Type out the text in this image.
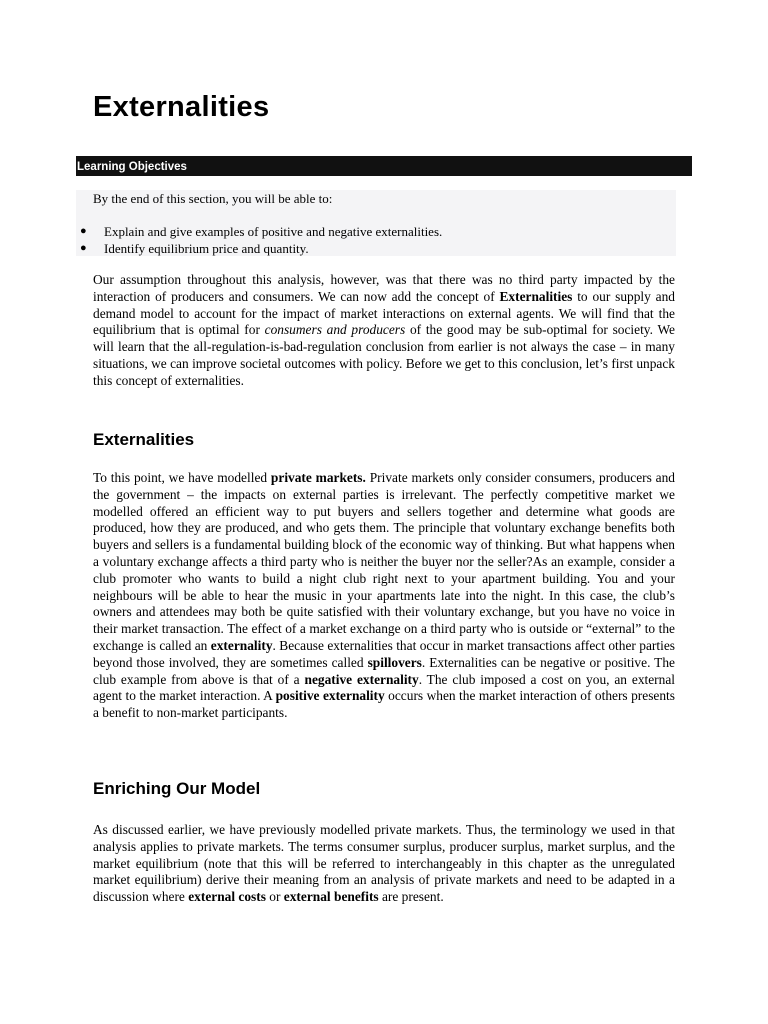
Externalities
Learning Objectives
By the end of this section, you will be able to:
● Explain and give examples of positive and negative externalities.
● Identify equilibrium price and quantity.

Our assumption throughout this analysis, however, was that there was no third party impacted by the interaction of producers and consumers. We can now add the concept of Externalities to our supply and demand model to account for the impact of market interactions on external agents. We will find that the equilibrium that is optimal for consumers and producers of the good may be sub-optimal for society. We will learn that the all-regulation-is-bad-regulation conclusion from earlier is not always the case – in many situations, we can improve societal outcomes with policy. Before we get to this conclusion, let’s first unpack this concept of externalities.

Externalities

To this point, we have modelled private markets. Private markets only consider consumers, producers and the government – the impacts on external parties is irrelevant. The perfectly competitive market we modelled offered an efficient way to put buyers and sellers together and determine what goods are produced, how they are produced, and who gets them. The principle that voluntary exchange benefits both buyers and sellers is a fundamental building block of the economic way of thinking. But what happens when a voluntary exchange affects a third party who is neither the buyer nor the seller?As an example, consider a club promoter who wants to build a night club right next to your apartment building. You and your neighbours will be able to hear the music in your apartments late into the night. In this case, the club’s owners and attendees may both be quite satisfied with their voluntary exchange, but you have no voice in their market transaction. The effect of a market exchange on a third party who is outside or “external” to the exchange is called an externality. Because externalities that occur in market transactions affect other parties beyond those involved, they are sometimes called spillovers. Externalities can be negative or positive. The club example from above is that of a negative externality. The club imposed a cost on you, an external agent to the market interaction. A positive externality occurs when the market interaction of others presents a benefit to non-market participants.

Enriching Our Model

As discussed earlier, we have previously modelled private markets. Thus, the terminology we used in that analysis applies to private markets. The terms consumer surplus, producer surplus, market surplus, and the market equilibrium (note that this will be referred to interchangeably in this chapter as the unregulated market equilibrium) derive their meaning from an analysis of private markets and need to be adapted in a discussion where external costs or external benefits are present.
